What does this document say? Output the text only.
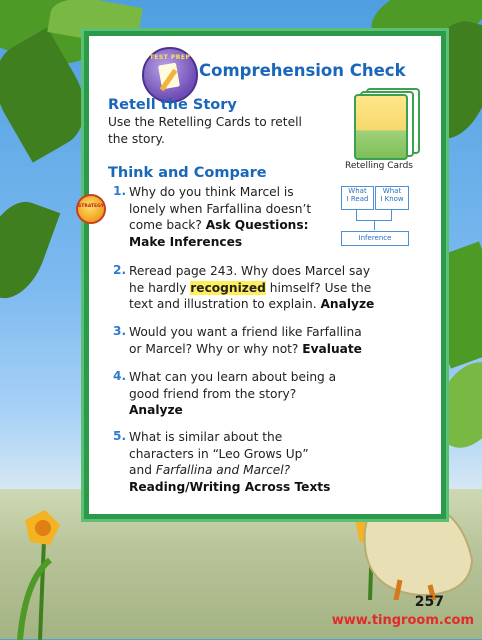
TEST PREP
Comprehension Check
Retell the Story
Use the Retelling Cards to retell
the story.
Retelling Cards
Think and Compare
STRATEGY
What
I Read
What
I Know
Inference
1. Why do you think Marcel is
lonely when Farfallina doesn’t
come back? Ask Questions:
Make Inferences
2. Reread page 243. Why does Marcel say
he hardly recognized himself? Use the
text and illustration to explain. Analyze
3. Would you want a friend like Farfallina
or Marcel? Why or why not? Evaluate
4. What can you learn about being a
good friend from the story?
Analyze
5. What is similar about the
characters in “Leo Grows Up”
and Farfallina and Marcel?
Reading/Writing Across Texts
257
www.tingroom.com
